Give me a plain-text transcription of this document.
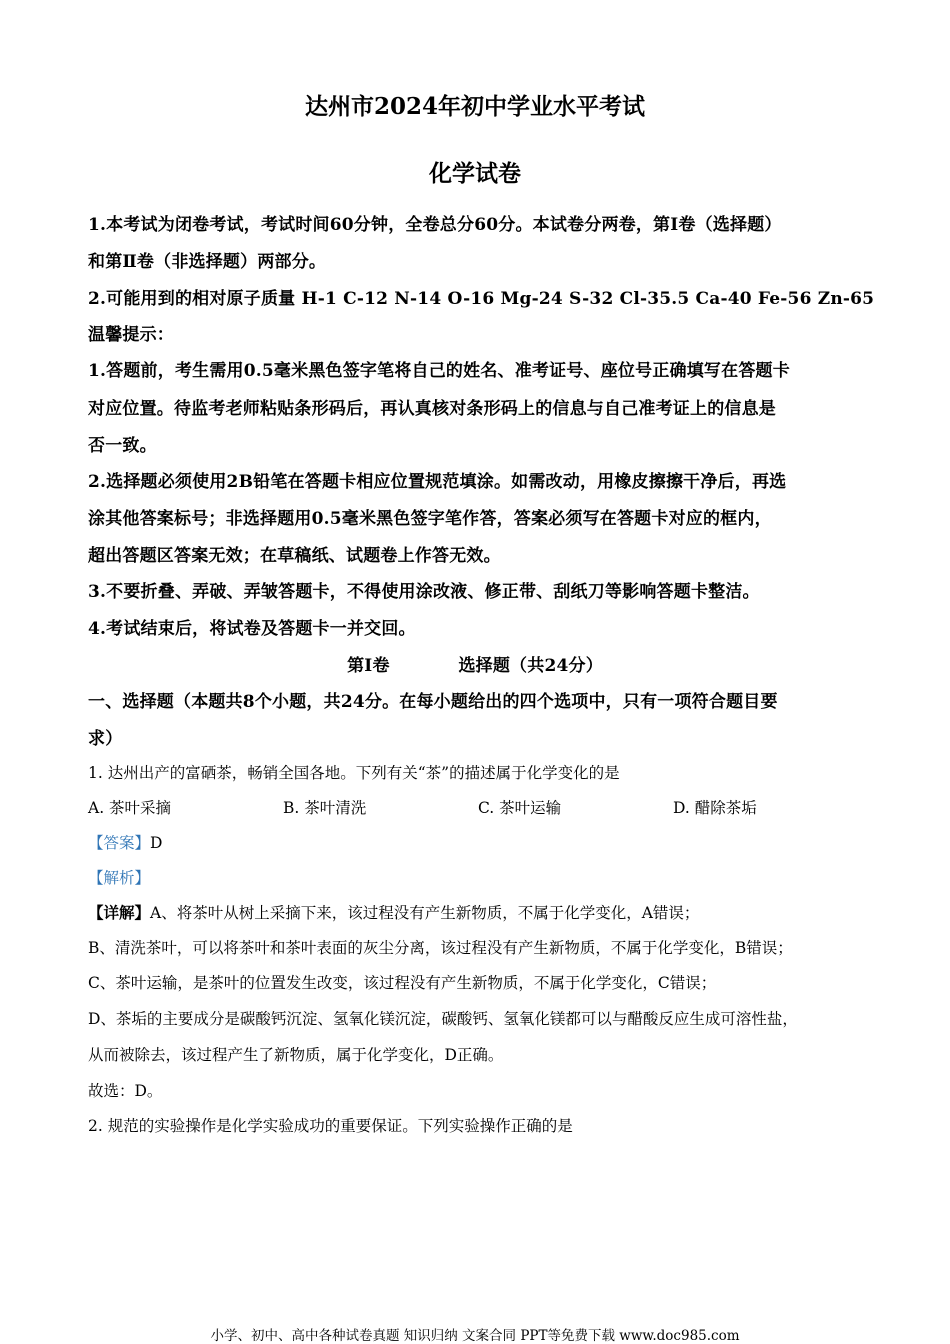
达州市2024年初中学业水平考试
化学试卷
1.本考试为闭卷考试，考试时间60分钟，全卷总分60分。本试卷分两卷，第I卷（选择题）
和第Ⅱ卷（非选择题）两部分。
2.可能用到的相对原子质量 H-1 C-12 N-14 O-16 Mg-24 S-32 Cl-35.5 Ca-40 Fe-56 Zn-65
温馨提示：
1.答题前，考生需用0.5毫米黑色签字笔将自己的姓名、准考证号、座位号正确填写在答题卡
对应位置。待监考老师粘贴条形码后，再认真核对条形码上的信息与自己准考证上的信息是
否一致。
2.选择题必须使用2B铅笔在答题卡相应位置规范填涂。如需改动，用橡皮擦擦干净后，再选
涂其他答案标号；非选择题用0.5毫米黑色签字笔作答，答案必须写在答题卡对应的框内，
超出答题区答案无效；在草稿纸、试题卷上作答无效。
3.不要折叠、弄破、弄皱答题卡，不得使用涂改液、修正带、刮纸刀等影响答题卡整洁。
4.考试结束后，将试卷及答题卡一并交回。
第I卷　　　　选择题（共24分）
一、选择题（本题共8个小题，共24分。在每小题给出的四个选项中，只有一项符合题目要
求）
1. 达州出产的富硒茶，畅销全国各地。下列有关“茶”的描述属于化学变化的是
A. 茶叶采摘	B. 茶叶清洗	C. 茶叶运输	D. 醋除茶垢
【答案】D
【解析】
【详解】A、将茶叶从树上采摘下来，该过程没有产生新物质，不属于化学变化，A错误；
B、清洗茶叶，可以将茶叶和茶叶表面的灰尘分离，该过程没有产生新物质，不属于化学变化，B错误；
C、茶叶运输，是茶叶的位置发生改变，该过程没有产生新物质，不属于化学变化，C错误；
D、茶垢的主要成分是碳酸钙沉淀、氢氧化镁沉淀，碳酸钙、氢氧化镁都可以与醋酸反应生成可溶性盐，
从而被除去，该过程产生了新物质，属于化学变化，D正确。
故选：D。
2. 规范的实验操作是化学实验成功的重要保证。下列实验操作正确的是
小学、初中、高中各种试卷真题 知识归纳 文案合同 PPT等免费下载 www.doc985.com
